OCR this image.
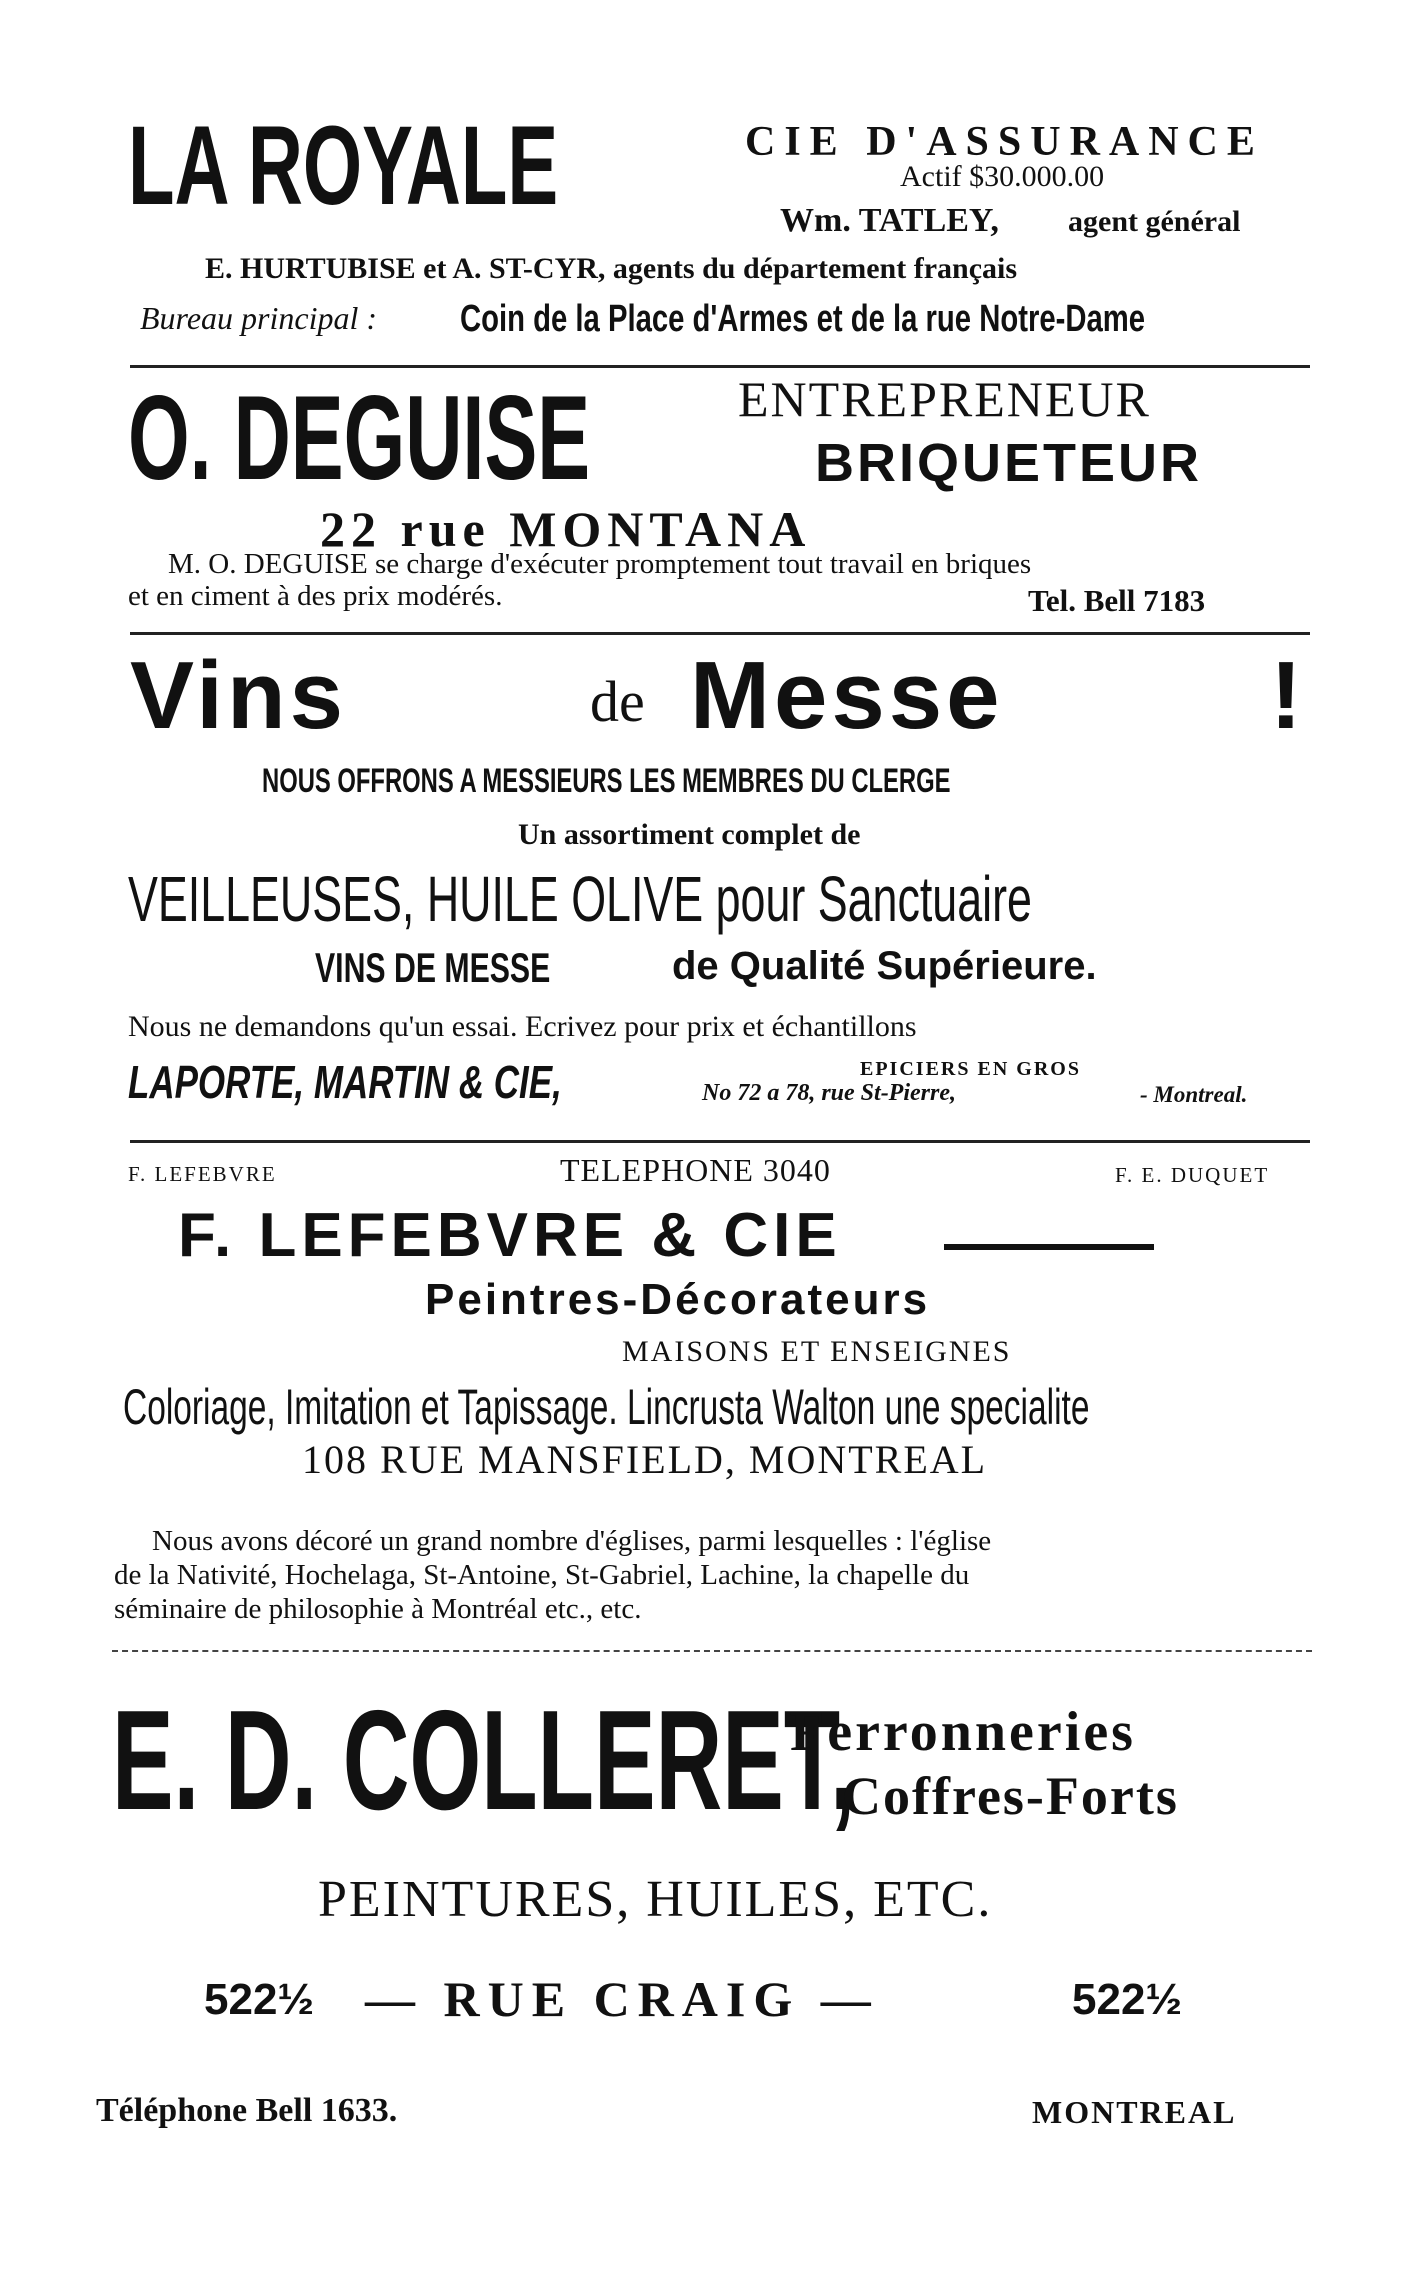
LA ROYALE	CIE D'ASSURANCE
Actif $30.000.00
Wm. TATLEY, agent général
E. HURTUBISE et A. ST-CYR, agents du département français
Bureau principal : Coin de la Place d'Armes et de la rue Notre-Dame
O. DEGUISE	ENTREPRENEUR
BRIQUETEUR
22 rue MONTANA
M. O. DEGUISE se charge d'exécuter promptement tout travail en briques
et en ciment à des prix modérés.	Tel. Bell 7183
Vins	de Messe	!
NOUS OFFRONS A MESSIEURS LES MEMBRES DU CLERGE
Un assortiment complet de
VEILLEUSES, HUILE OLIVE pour Sanctuaire
VINS DE MESSE	de Qualité Supérieure.
Nous ne demandons qu'un essai. Ecrivez pour prix et échantillons
LAPORTE, MARTIN & CIE,	EPICIERS EN GROS
No 72 a 78, rue St-Pierre,	- Montreal.
F. LEFEBVRE	TELEPHONE 3040	F. E. DUQUET
F. LEFEBVRE & CIE
Peintres-Décorateurs
MAISONS ET ENSEIGNES
Coloriage, Imitation et Tapissage. Lincrusta Walton une specialite
108 RUE MANSFIELD, MONTREAL
Nous avons décoré un grand nombre d'églises, parmi lesquelles : l'église
de la Nativité, Hochelaga, St-Antoine, St-Gabriel, Lachine, la chapelle du
séminaire de philosophie à Montréal etc., etc.
E. D. COLLERET,
Ferronneries
Coffres-Forts
PEINTURES, HUILES, ETC.
522½ — RUE CRAIG —	522½
Téléphone Bell 1633.	MONTREAL
